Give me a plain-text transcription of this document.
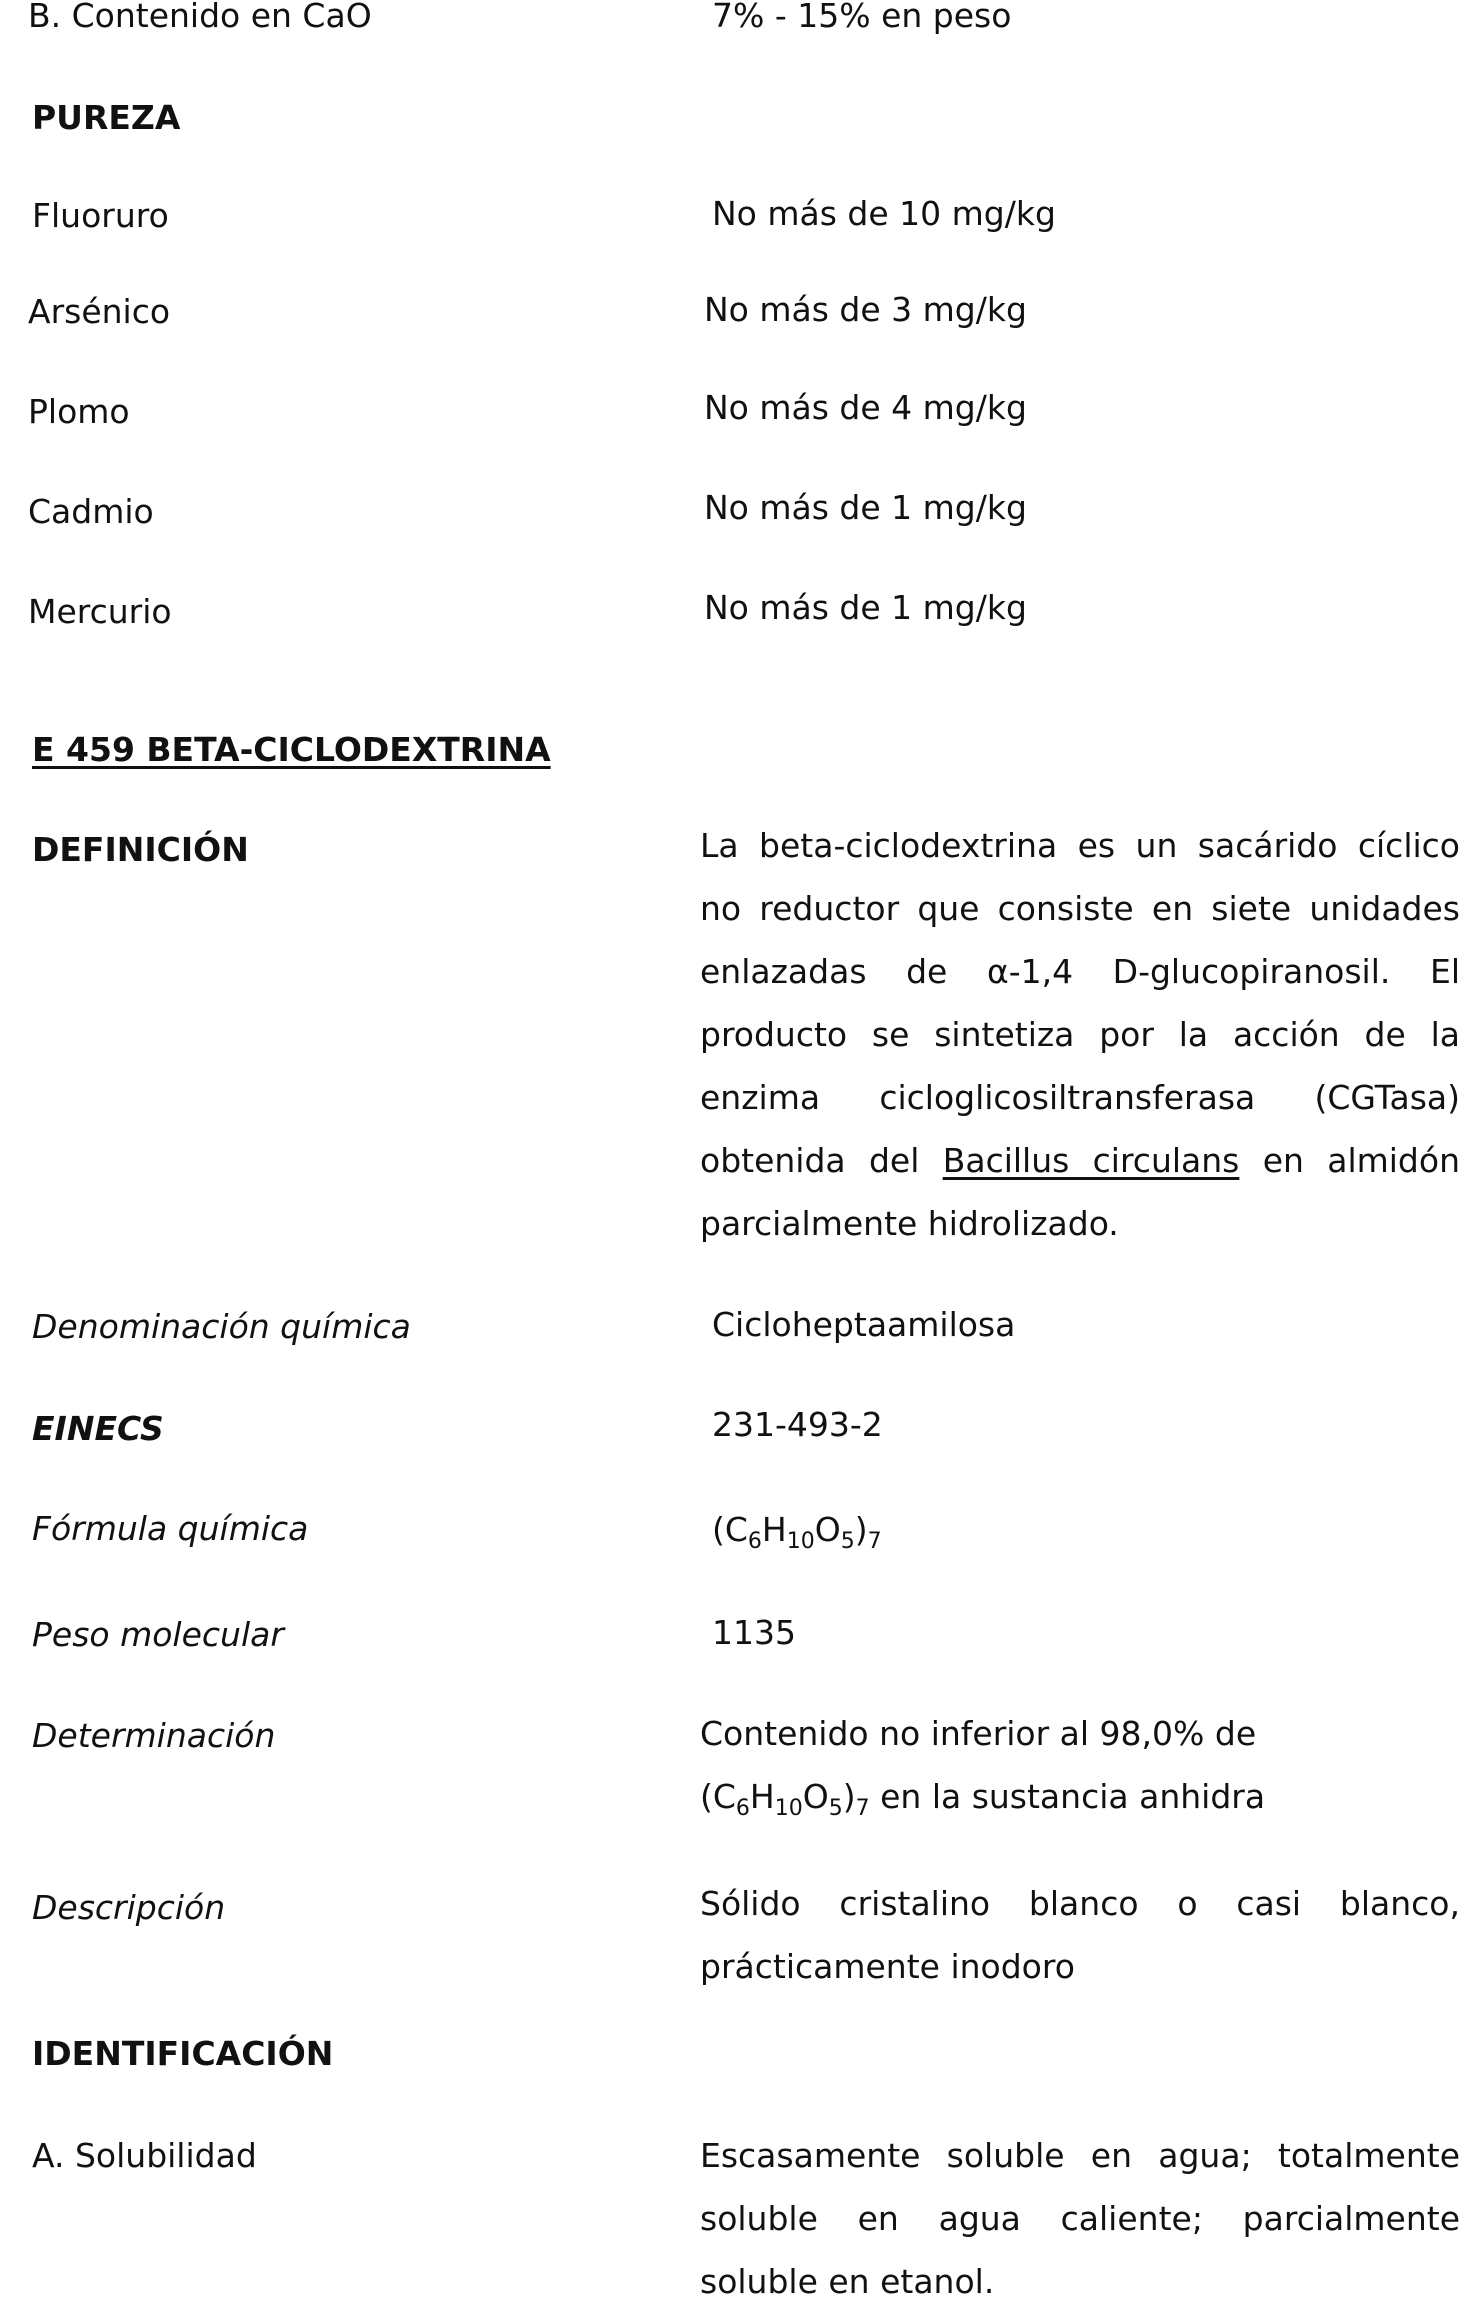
B. Contenido en CaO	7% - 15% en peso
PUREZA
Fluoruro	No más de 10 mg/kg
Arsénico	No más de 3 mg/kg
Plomo	No más de 4 mg/kg
Cadmio	No más de 1 mg/kg
Mercurio	No más de 1 mg/kg
E 459 BETA-CICLODEXTRINA
DEFINICIÓN	La beta-ciclodextrina es un sacárido cíclico no reductor que consiste en siete unidades enlazadas de α-1,4 D-glucopiranosil. El producto se sintetiza por la acción de la enzima cicloglicosiltransferasa (CGTasa) obtenida del Bacillus circulans en almidón parcialmente hidrolizado.
Denominación química	Cicloheptaamilosa
EINECS	231-493-2
Fórmula química	$(C_6H_{10}O_5)_7$
Peso molecular	1135
Determinación	Contenido no inferior al 98,0% de
$(C_6H_{10}O_5)_7$ en la sustancia anhidra
Descripción	Sólido cristalino blanco o casi blanco, prácticamente inodoro
IDENTIFICACIÓN
A. Solubilidad	Escasamente soluble en agua; totalmente soluble en agua caliente; parcialmente soluble en etanol.
